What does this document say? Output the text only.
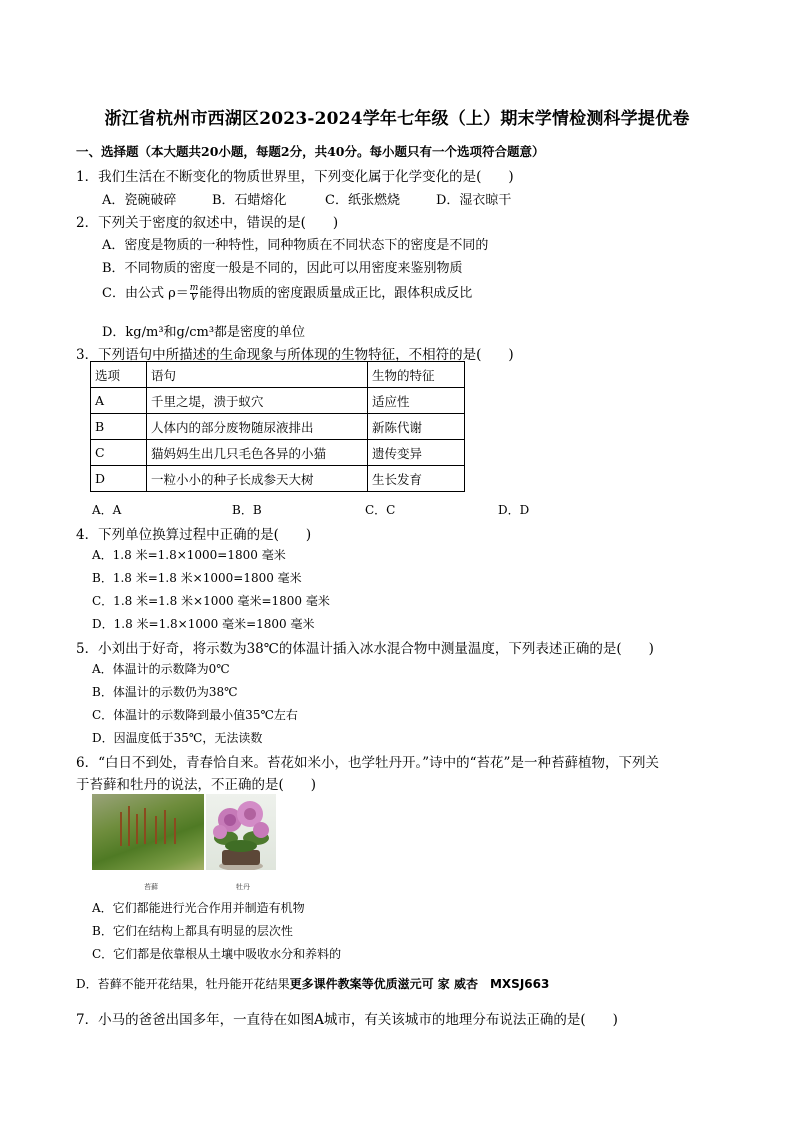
浙江省杭州市西湖区2023-2024学年七年级（上）期末学情检测科学提优卷
一、选择题（本大题共20小题，每题2分，共40分。每小题只有一个选项符合题意）
1．我们生活在不断变化的物质世界里，下列变化属于化学变化的是(　　)
A．瓷碗破碎	B．石蜡熔化	C．纸张燃烧	D．湿衣晾干
2．下列关于密度的叙述中，错误的是(　　)
A．密度是物质的一种特性，同种物质在不同状态下的密度是不同的
B．不同物质的密度一般是不同的，因此可以用密度来鉴别物质
C．由公式 $\rho= \frac{m}{V}$ 能得出物质的密度跟质量成正比，跟体积成反比
D．kg/m³和g/cm³都是密度的单位
3．下列语句中所描述的生命现象与所体现的生物特征，不相符的是(　　)
选项	语句	生物的特征
A	千里之堤，溃于蚁穴	适应性
B	人体内的部分废物随尿液排出	新陈代谢
C	猫妈妈生出几只毛色各异的小猫	遗传变异
D	一粒小小的种子长成参天大树	生长发育
A．A	B．B	C．C	D．D
4．下列单位换算过程中正确的是(　　)
A．1.8 米=1.8×1000=1800 毫米
B．1.8 米=1.8 米×1000=1800 毫米
C．1.8 米=1.8 米×1000 毫米=1800 毫米
D．1.8 米=1.8×1000 毫米=1800 毫米
5．小刘出于好奇，将示数为38℃的体温计插入冰水混合物中测量温度，下列表述正确的是(　　)
A．体温计的示数降为0℃
B．体温计的示数仍为38℃
C．体温计的示数降到最小值35℃左右
D．因温度低于35℃，无法读数
6．“白日不到处，青春恰自来。苔花如米小，也学牡丹开。”诗中的“苔花”是一种苔藓植物，下列关
于苔藓和牡丹的说法，不正确的是(　　)
苔藓	牡丹
A．它们都能进行光合作用并制造有机物
B．它们在结构上都具有明显的层次性
C．它们都是依靠根从土壤中吸收水分和养料的
D．苔藓不能开花结果，牡丹能开花结果更多课件教案等优质滋元可 家 威杏　MXSJ663
7．小马的爸爸出国多年，一直待在如图A城市，有关该城市的地理分布说法正确的是(　　)
